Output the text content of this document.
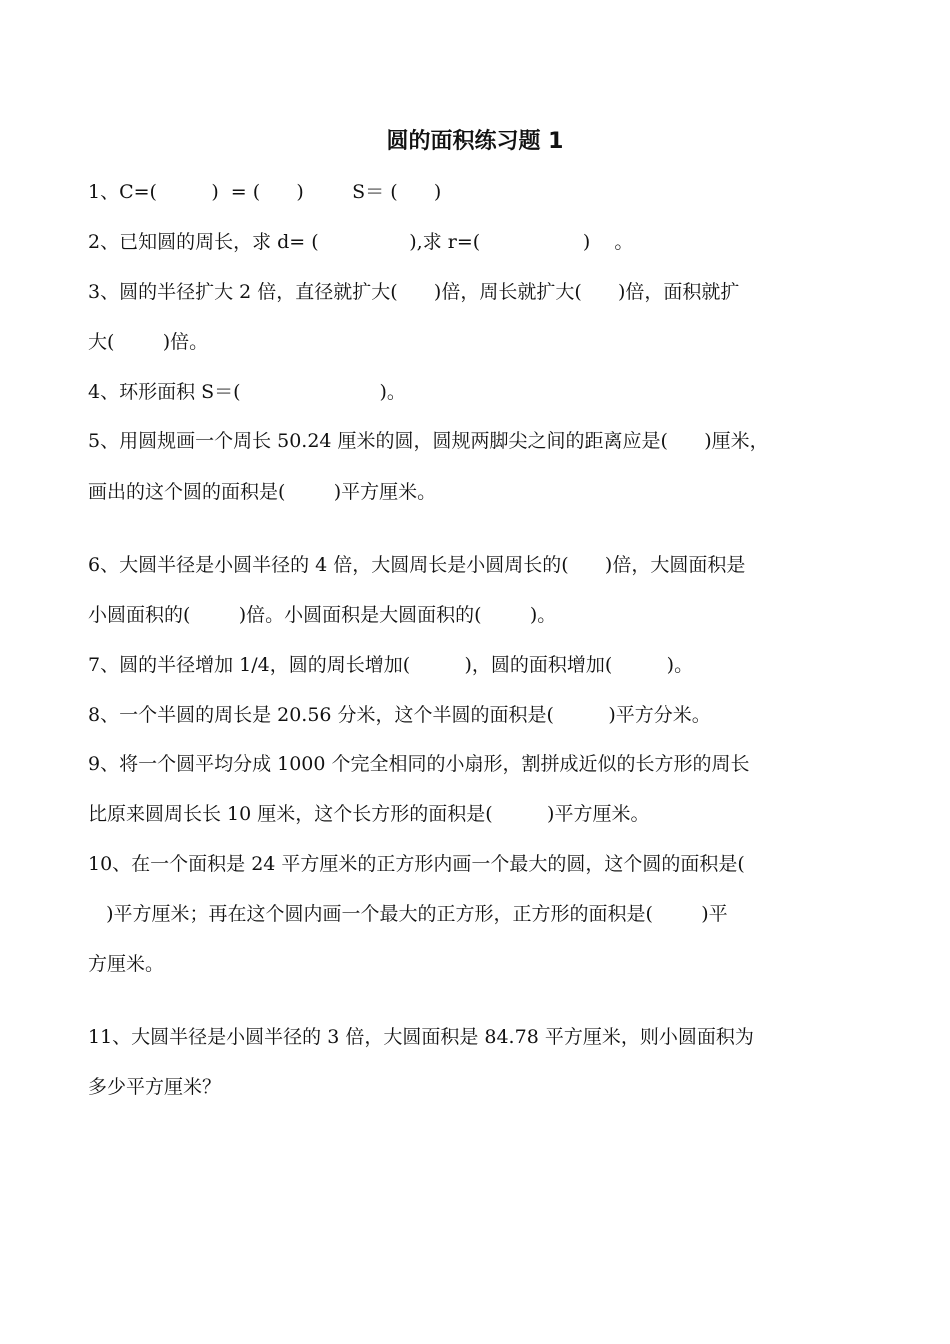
圆的面积练习题 1
1、C=(         )  = (      )        S＝ (      )
2、已知圆的周长，求 d= (               ),求 r=(                 )    。
3、圆的半径扩大 2 倍，直径就扩大(      )倍，周长就扩大(      )倍，面积就扩
大(        )倍。
4、环形面积 S＝(                       )。
5、用圆规画一个周长 50.24 厘米的圆，圆规两脚尖之间的距离应是(      )厘米，
画出的这个圆的面积是(        )平方厘米。
6、大圆半径是小圆半径的 4 倍，大圆周长是小圆周长的(      )倍，大圆面积是
小圆面积的(        )倍。小圆面积是大圆面积的(        )。
7、圆的半径增加 1/4，圆的周长增加(         )，圆的面积增加(         )。
8、一个半圆的周长是 20.56 分米，这个半圆的面积是(         )平方分米。
9、将一个圆平均分成 1000 个完全相同的小扇形，割拼成近似的长方形的周长
比原来圆周长长 10 厘米，这个长方形的面积是(         )平方厘米。
10、在一个面积是 24 平方厘米的正方形内画一个最大的圆，这个圆的面积是(
)平方厘米；再在这个圆内画一个最大的正方形，正方形的面积是(        )平
方厘米。
11、大圆半径是小圆半径的 3 倍，大圆面积是 84.78 平方厘米，则小圆面积为
多少平方厘米？
